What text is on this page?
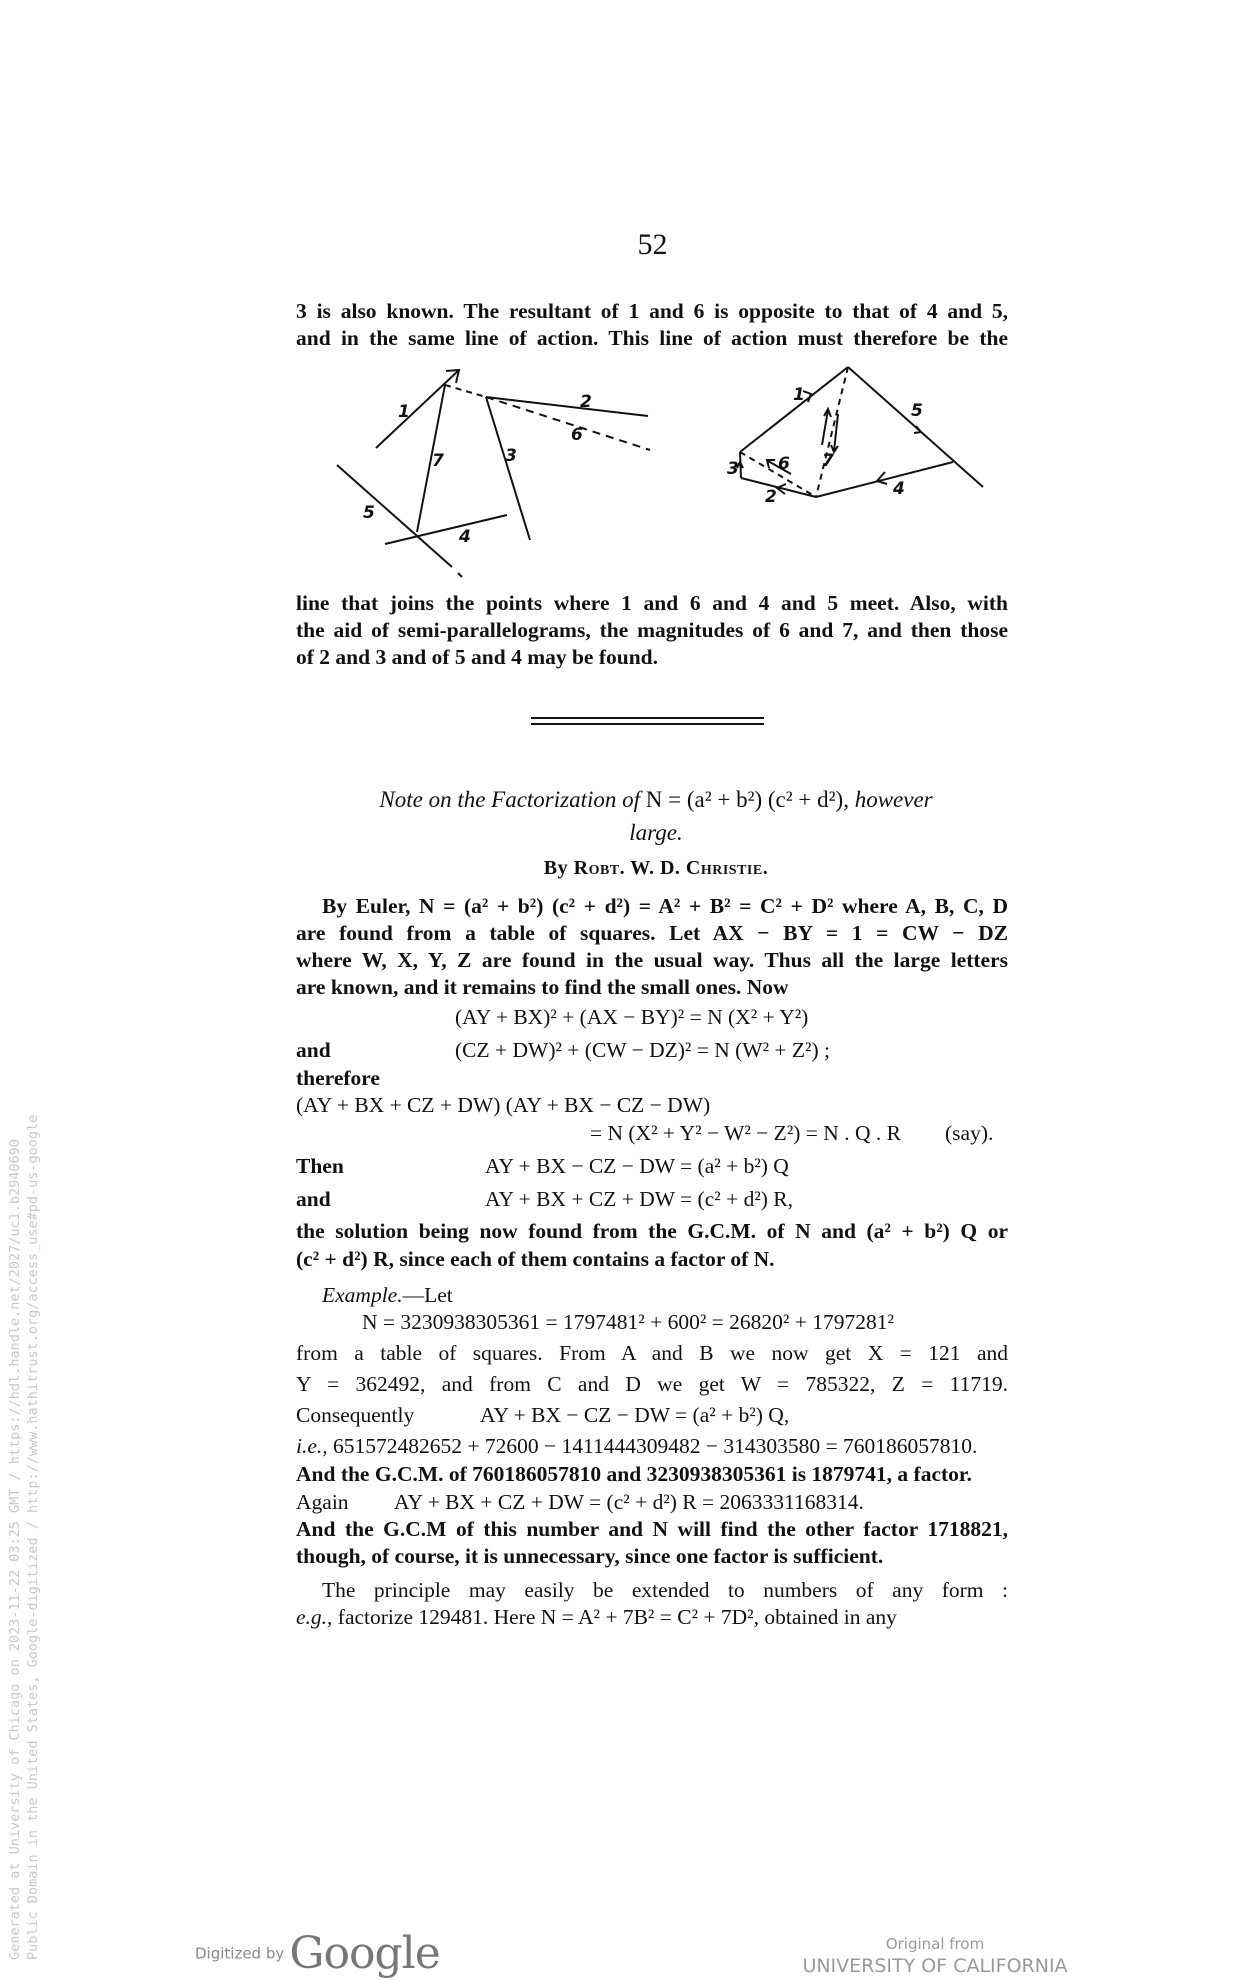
52
3 is also known. The resultant of 1 and 6 is opposite to that of 4 and 5,
and in the same line of action. This line of action must therefore be the
1	2
3
4
5
6
7
1
2
3
4
5
6 7
line that joins the points where 1 and 6 and 4 and 5 meet. Also, with
the aid of semi-parallelograms, the magnitudes of 6 and 7, and then those
of 2 and 3 and of 5 and 4 may be found.
Note on the Factorization of N = (a² + b²) (c² + d²), however
large.
By Robt. W. D. Christie.
By Euler, N = (a² + b²) (c² + d²) = A² + B² = C² + D² where A, B, C, D
are found from a table of squares. Let AX − BY = 1 = CW − DZ
where W, X, Y, Z are found in the usual way. Thus all the large letters
are known, and it remains to find the small ones. Now
(AY + BX)² + (AX − BY)² = N (X² + Y²)
and	(CZ + DW)² + (CW − DZ)² = N (W² + Z²) ;
therefore
(AY + BX + CZ + DW) (AY + BX − CZ − DW)
= N (X² + Y² − W² − Z²) = N . Q . R	(say).
Then	AY + BX − CZ − DW = (a² + b²) Q
and	AY + BX + CZ + DW = (c² + d²) R,
the solution being now found from the G.C.M. of N and (a² + b²) Q or
(c² + d²) R, since each of them contains a factor of N.
Example.—Let
N = 3230938305361 = 1797481² + 600² = 26820² + 1797281²
from a table of squares. From A and B we now get X = 121 and
Y = 362492, and from C and D we get W = 785322, Z = 11719.
Consequently	AY + BX − CZ − DW = (a² + b²) Q,
i.e., 651572482652 + 72600 − 1411444309482 − 314303580 = 760186057810.
And the G.C.M. of 760186057810 and 3230938305361 is 1879741, a factor.
Again	AY + BX + CZ + DW = (c² + d²) R = 2063331168314.
And the G.C.M of this number and N will find the other factor 1718821,
though, of course, it is unnecessary, since one factor is sufficient.
The principle may easily be extended to numbers of any form :
e.g., factorize 129481. Here N = A² + 7B² = C² + 7D², obtained in any
Generated at University of Chicago on 2023-11-22 03:25 GMT / https://hdl.handle.net/2027/uc1.b2940690 Public Domain in the United States, Google-digitized / http://www.hathitrust.org/access_use#pd-us-google	Digitized by Google	Original from
UNIVERSITY OF CALIFORNIA
